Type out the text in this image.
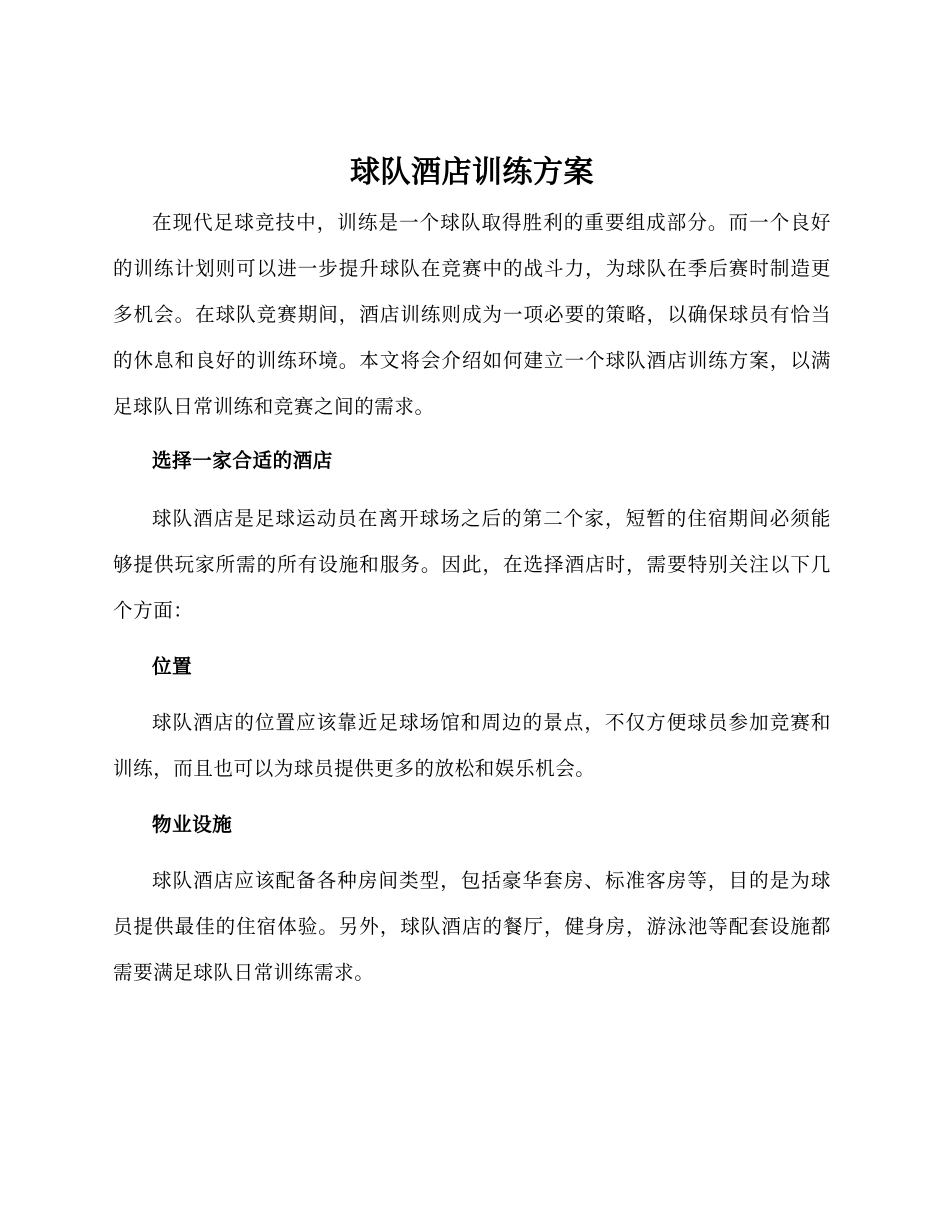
球队酒店训练方案

在现代足球竞技中，训练是一个球队取得胜利的重要组成部分。而一个良好的训练计划则可以进一步提升球队在竞赛中的战斗力，为球队在季后赛时制造更多机会。在球队竞赛期间，酒店训练则成为一项必要的策略，以确保球员有恰当的休息和良好的训练环境。本文将会介绍如何建立一个球队酒店训练方案，以满足球队日常训练和竞赛之间的需求。

选择一家合适的酒店

球队酒店是足球运动员在离开球场之后的第二个家，短暂的住宿期间必须能够提供玩家所需的所有设施和服务。因此，在选择酒店时，需要特别关注以下几个方面：

位置

球队酒店的位置应该靠近足球场馆和周边的景点，不仅方便球员参加竞赛和训练，而且也可以为球员提供更多的放松和娱乐机会。

物业设施

球队酒店应该配备各种房间类型，包括豪华套房、标准客房等，目的是为球员提供最佳的住宿体验。另外，球队酒店的餐厅，健身房，游泳池等配套设施都需要满足球队日常训练需求。
